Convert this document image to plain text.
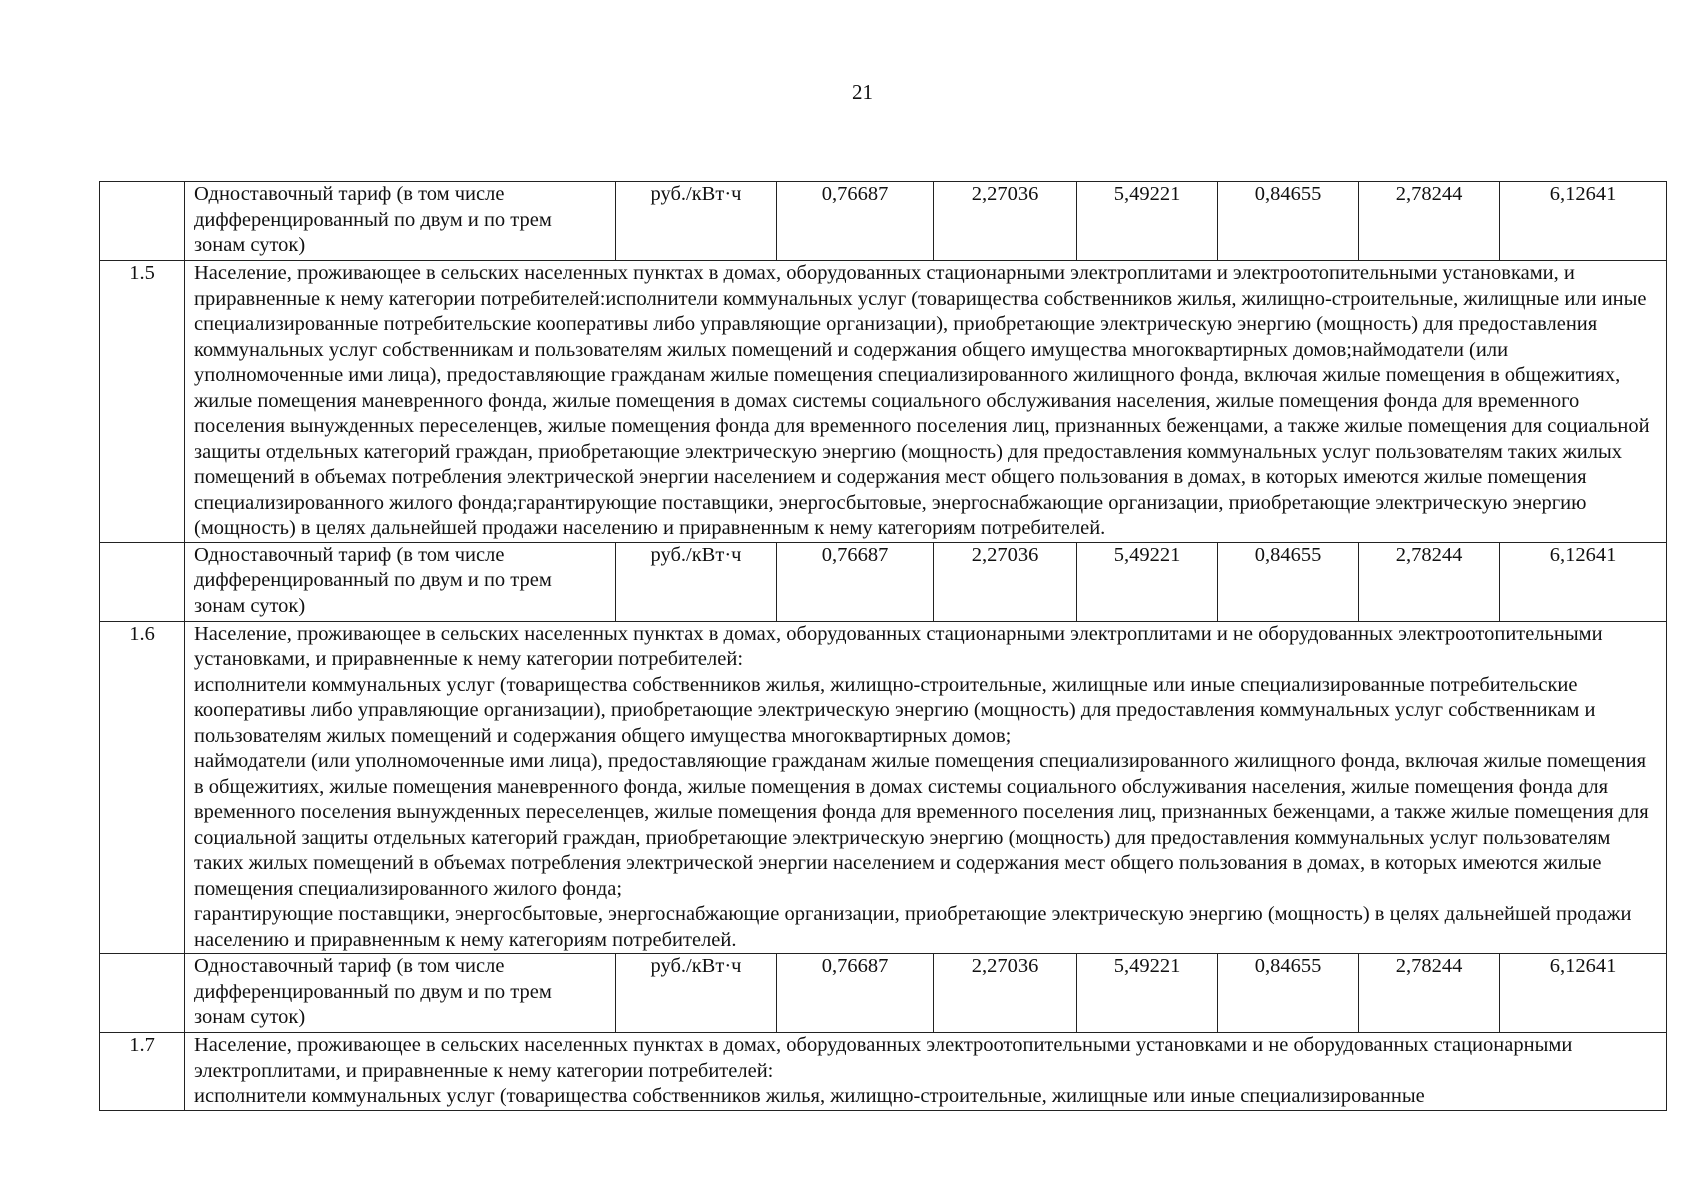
21
	Одноставочный тариф (в том числе дифференцированный по двум и по трем зонам суток)	руб./кВт·ч	0,76687	2,27036	5,49221	0,84655	2,78244	6,12641
1.5	Население, проживающее в сельских населенных пунктах в домах, оборудованных стационарными электроплитами и электроотопительными установками, и приравненные к нему категории потребителей:исполнители коммунальных услуг (товарищества собственников жилья, жилищно-строительные, жилищные или иные специализированные потребительские кооперативы либо управляющие организации), приобретающие электрическую энергию (мощность) для предоставления коммунальных услуг собственникам и пользователям жилых помещений и содержания общего имущества многоквартирных домов;наймодатели (или уполномоченные ими лица), предоставляющие гражданам жилые помещения специализированного жилищного фонда, включая жилые помещения в общежитиях, жилые помещения маневренного фонда, жилые помещения в домах системы социального обслуживания населения, жилые помещения фонда для временного поселения вынужденных переселенцев, жилые помещения фонда для временного поселения лиц, признанных беженцами, а также жилые помещения для социальной защиты отдельных категорий граждан, приобретающие электрическую энергию (мощность) для предоставления коммунальных услуг пользователям таких жилых помещений в объемах потребления электрической энергии населением и содержания мест общего пользования в домах, в которых имеются жилые помещения специализированного жилого фонда;гарантирующие поставщики, энергосбытовые, энергоснабжающие организации, приобретающие электрическую энергию (мощность) в целях дальнейшей продажи населению и приравненным к нему категориям потребителей.							

	Одноставочный тариф (в том числе дифференцированный по двум и по трем зонам суток)	руб./кВт·ч	0,76687	2,27036	5,49221	0,84655	2,78244	6,12641
1.6	Население, проживающее в сельских населенных пунктах в домах, оборудованных стационарными электроплитами и не оборудованных электроотопительными установками, и приравненные к нему категории потребителей:
исполнители коммунальных услуг (товарищества собственников жилья, жилищно-строительные, жилищные или иные специализированные потребительские кооперативы либо управляющие организации), приобретающие электрическую энергию (мощность) для предоставления коммунальных услуг собственникам и пользователям жилых помещений и содержания общего имущества многоквартирных домов;
наймодатели (или уполномоченные ими лица), предоставляющие гражданам жилые помещения специализированного жилищного фонда, включая жилые помещения в общежитиях, жилые помещения маневренного фонда, жилые помещения в домах системы социального обслуживания населения, жилые помещения фонда для временного поселения вынужденных переселенцев, жилые помещения фонда для временного поселения лиц, признанных беженцами, а также жилые помещения для социальной защиты отдельных категорий граждан, приобретающие электрическую энергию (мощность) для предоставления коммунальных услуг пользователям таких жилых помещений в объемах потребления электрической энергии населением и содержания мест общего пользования в домах, в которых имеются жилые помещения специализированного жилого фонда;
гарантирующие поставщики, энергосбытовые, энергоснабжающие организации, приобретающие электрическую энергию (мощность) в целях дальнейшей продажи населению и приравненным к нему категориям потребителей.							

	Одноставочный тариф (в том числе дифференцированный по двум и по трем зонам суток)	руб./кВт·ч	0,76687	2,27036	5,49221	0,84655	2,78244	6,12641
1.7	Население, проживающее в сельских населенных пунктах в домах, оборудованных электроотопительными установками и не оборудованных стационарными электроплитами, и приравненные к нему категории потребителей:
исполнители коммунальных услуг (товарищества собственников жилья, жилищно-строительные, жилищные или иные специализированные							
